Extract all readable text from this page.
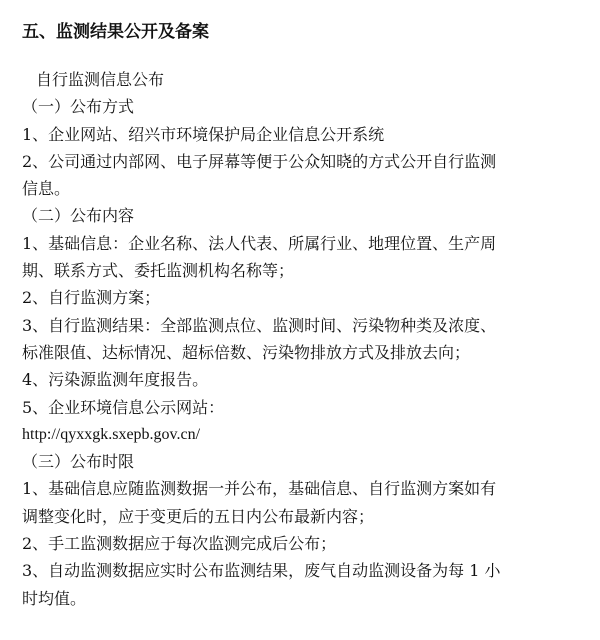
五、监测结果公开及备案
自行监测信息公布
（一）公布方式
1、企业网站、绍兴市环境保护局企业信息公开系统
2、公司通过内部网、电子屏幕等便于公众知晓的方式公开自行监测
信息。
（二）公布内容
1、基础信息：企业名称、法人代表、所属行业、地理位置、生产周
期、联系方式、委托监测机构名称等；
2、自行监测方案；
3、自行监测结果：全部监测点位、监测时间、污染物种类及浓度、
标准限值、达标情况、超标倍数、污染物排放方式及排放去向；
4、污染源监测年度报告。
5、企业环境信息公示网站：
http://qyxxgk.sxepb.gov.cn/
（三）公布时限
1、基础信息应随监测数据一并公布，基础信息、自行监测方案如有
调整变化时，应于变更后的五日内公布最新内容；
2、手工监测数据应于每次监测完成后公布；
3、自动监测数据应实时公布监测结果，废气自动监测设备为每 1 小
时均值。
